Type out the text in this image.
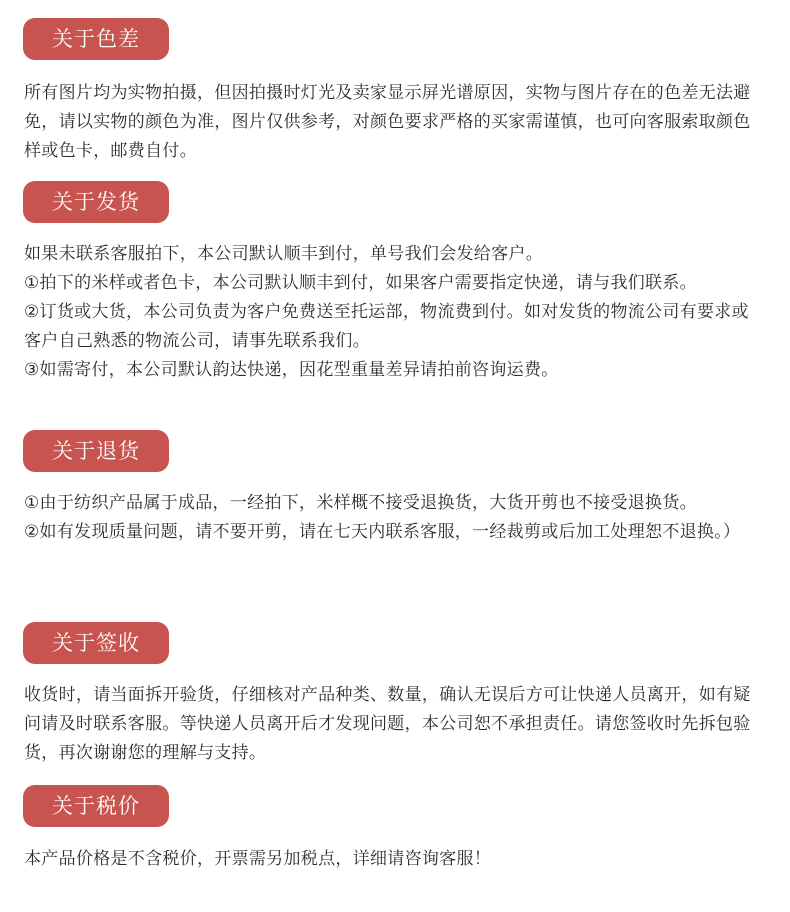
关于色差

所有图片均为实物拍摄，但因拍摄时灯光及卖家显示屏光谱原因，实物与图片存在的色差无法避免，请以实物的颜色为准，图片仅供参考，对颜色要求严格的买家需谨慎，也可向客服索取颜色样或色卡，邮费自付。

关于发货

如果未联系客服拍下，本公司默认顺丰到付，单号我们会发给客户。

①拍下的米样或者色卡，本公司默认顺丰到付，如果客户需要指定快递，请与我们联系。

②订货或大货，本公司负责为客户免费送至托运部，物流费到付。如对发货的物流公司有要求或客户自己熟悉的物流公司，请事先联系我们。

③如需寄付，本公司默认韵达快递，因花型重量差异请拍前咨询运费。

关于退货

①由于纺织产品属于成品，一经拍下，米样概不接受退换货，大货开剪也不接受退换货。

②如有发现质量问题，请不要开剪，请在七天内联系客服，一经裁剪或后加工处理恕不退换。）

关于签收

收货时，请当面拆开验货，仔细核对产品种类、数量，确认无误后方可让快递人员离开，如有疑问请及时联系客服。等快递人员离开后才发现问题，本公司恕不承担责任。请您签收时先拆包验货，再次谢谢您的理解与支持。

关于税价

本产品价格是不含税价，开票需另加税点，详细请咨询客服！
